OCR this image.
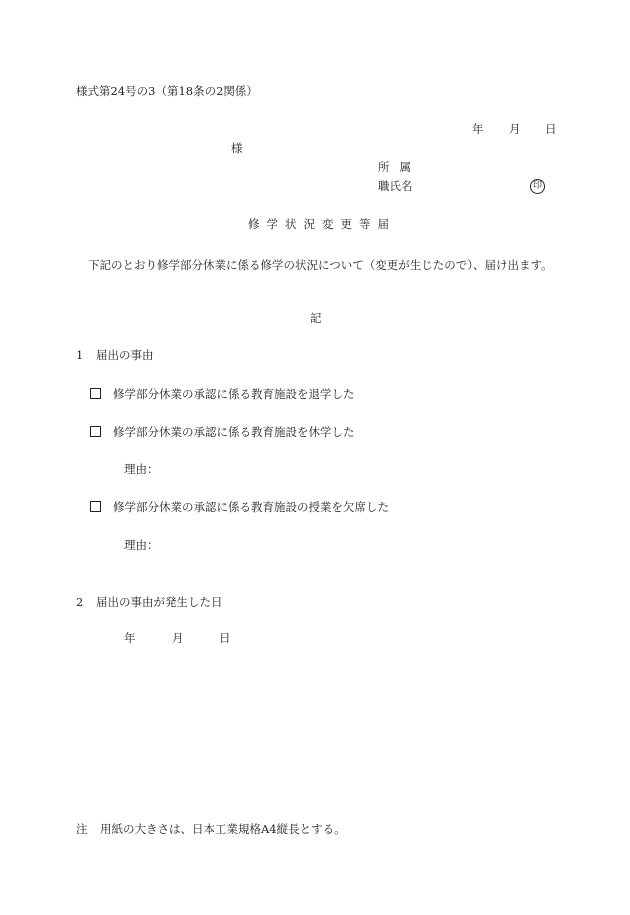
様式第24号の3（第18条の2関係）
年 月 日
様
所属
職氏名	印
修学状況変更等届
下記のとおり修学部分休業に係る修学の状況について（変更が生じたので）、届け出ます。
記
1 届出の事由
修学部分休業の承認に係る教育施設を退学した
修学部分休業の承認に係る教育施設を休学した
理由：
修学部分休業の承認に係る教育施設の授業を欠席した
理由：
2 届出の事由が発生した日
年	月	日
注 用紙の大きさは、日本工業規格A4縦長とする。
